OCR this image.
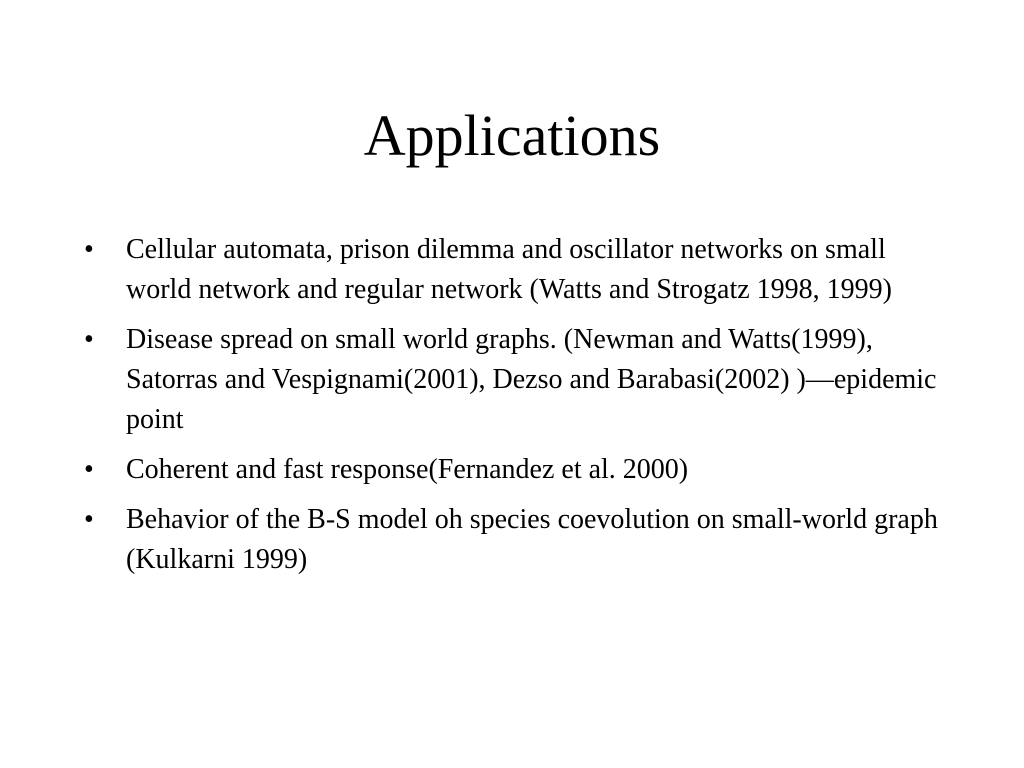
Applications
•	Cellular automata, prison dilemma and oscillator networks on small world network and regular network (Watts and Strogatz 1998, 1999)
•	Disease spread on small world graphs. (Newman and Watts(1999), Satorras and Vespignami(2001), Dezso and Barabasi(2002) )—epidemic point
•	Coherent and fast response(Fernandez et al. 2000)
•	Behavior of the B-S model oh species coevolution on small-world graph (Kulkarni 1999)
